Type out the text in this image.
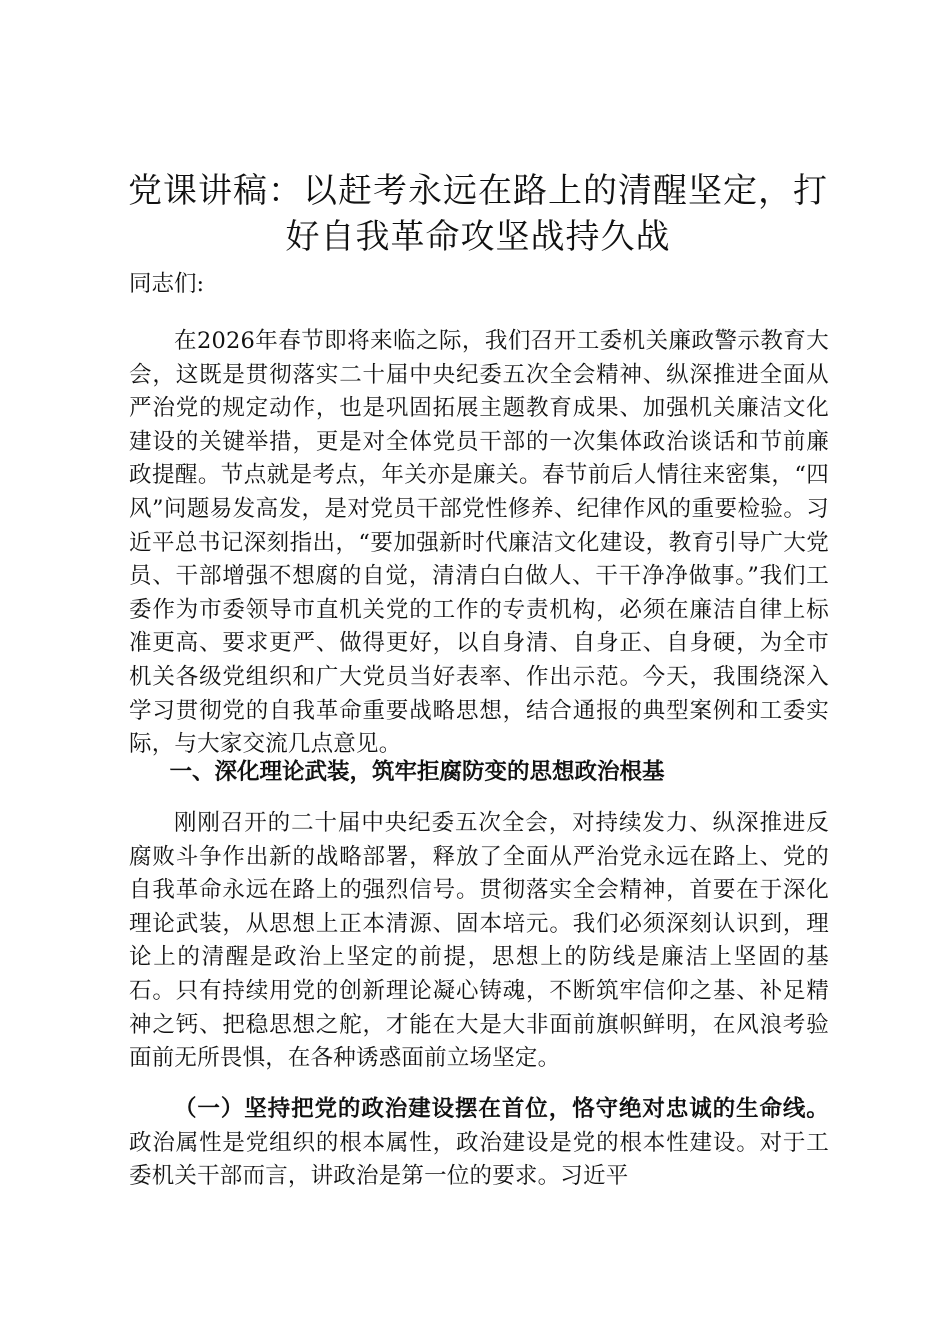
党课讲稿：以赶考永远在路上的清醒坚定，打好自我革命攻坚战持久战

同志们:

在2026年春节即将来临之际，我们召开工委机关廉政警示教育大会，这既是贯彻落实二十届中央纪委五次全会精神、纵深推进全面从严治党的规定动作，也是巩固拓展主题教育成果、加强机关廉洁文化建设的关键举措，更是对全体党员干部的一次集体政治谈话和节前廉政提醒。节点就是考点，年关亦是廉关。春节前后人情往来密集，“四风”问题易发高发，是对党员干部党性修养、纪律作风的重要检验。习近平总书记深刻指出，“要加强新时代廉洁文化建设，教育引导广大党员、干部增强不想腐的自觉，清清白白做人、干干净净做事。”我们工委作为市委领导市直机关党的工作的专责机构，必须在廉洁自律上标准更高、要求更严、做得更好，以自身清、自身正、自身硬，为全市机关各级党组织和广大党员当好表率、作出示范。今天，我围绕深入学习贯彻党的自我革命重要战略思想，结合通报的典型案例和工委实际，与大家交流几点意见。

一、深化理论武装，筑牢拒腐防变的思想政治根基

刚刚召开的二十届中央纪委五次全会，对持续发力、纵深推进反腐败斗争作出新的战略部署，释放了全面从严治党永远在路上、党的自我革命永远在路上的强烈信号。贯彻落实全会精神，首要在于深化理论武装，从思想上正本清源、固本培元。我们必须深刻认识到，理论上的清醒是政治上坚定的前提，思想上的防线是廉洁上坚固的基石。只有持续用党的创新理论凝心铸魂，不断筑牢信仰之基、补足精神之钙、把稳思想之舵，才能在大是大非面前旗帜鲜明，在风浪考验面前无所畏惧，在各种诱惑面前立场坚定。

（一）坚持把党的政治建设摆在首位，恪守绝对忠诚的生命线。政治属性是党组织的根本属性，政治建设是党的根本性建设。对于工委机关干部而言，讲政治是第一位的要求。习近平
